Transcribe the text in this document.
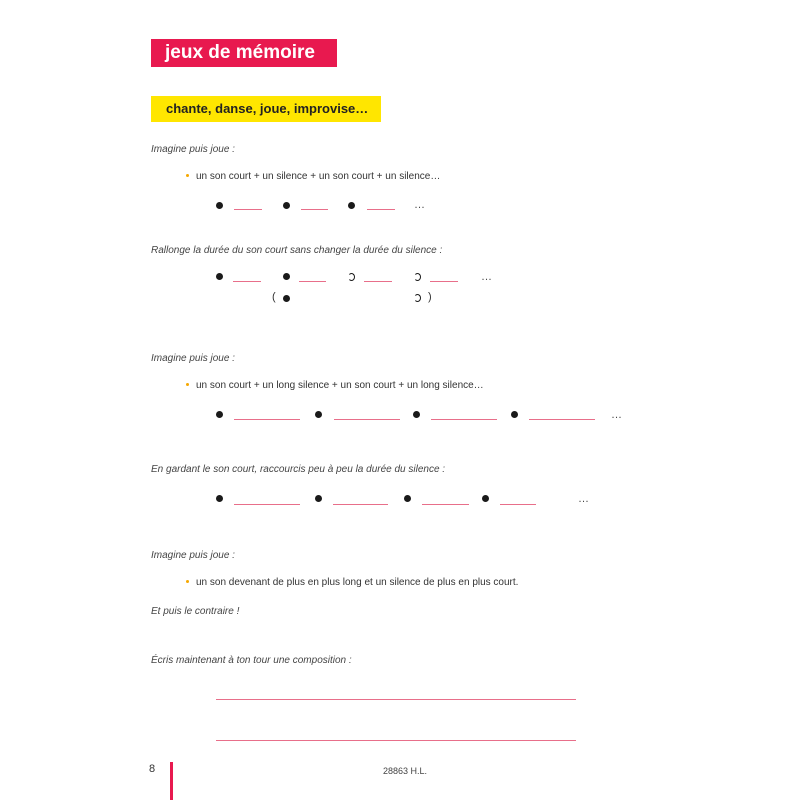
jeux de mémoire
chante, danse, joue, improvise…
Imagine puis joue :
un son court + un silence + un son court + un silence…
…
Rallonge la durée du son court sans changer la durée du silence :
…
(	)
Imagine puis joue :
un son court + un long silence + un son court + un long silence…
…
En gardant le son court, raccourcis peu à peu la durée du silence :
…
Imagine puis joue :
un son devenant de plus en plus long et un silence de plus en plus court.
Et puis le contraire !
Écris maintenant à ton tour une composition :
8	28863 H.L.
